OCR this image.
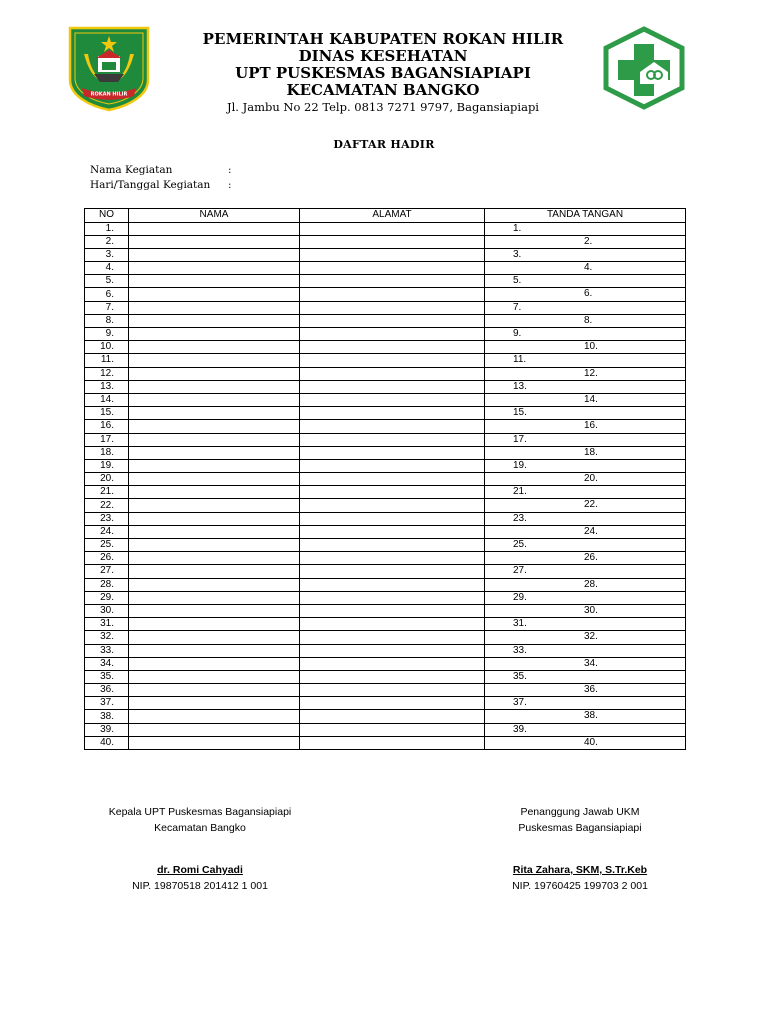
ROKAN HILIR
PEMERINTAH KABUPATEN ROKAN HILIR
DINAS KESEHATAN
UPT PUSKESMAS BAGANSIAPIAPI
KECAMATAN BANGKO
Jl. Jambu No 22 Telp. 0813 7271 9797, Bagansiapiapi
DAFTAR HADIR
Nama Kegiatan	:
Hari/Tanggal Kegiatan	:
NO	NAMA	ALAMAT	TANDA TANGAN
1.			1.

2.			2.

3.			3.

4.			4.

5.			5.

6.			6.

7.			7.

8.			8.

9.			9.

10.			10.

11.			11.

12.			12.

13.			13.

14.			14.

15.			15.

16.			16.

17.			17.

18.			18.

19.			19.

20.			20.

21.			21.

22.			22.

23.			23.

24.			24.

25.			25.

26.			26.

27.			27.

28.			28.

29.			29.

30.			30.

31.			31.

32.			32.

33.			33.

34.			34.

35.			35.

36.			36.

37.			37.

38.			38.

39.			39.

40.			40.
Kepala UPT Puskesmas Bagansiapiapi
Kecamatan Bangko
dr. Romi Cahyadi
NIP. 19870518 201412 1 001
Penanggung Jawab UKM
Puskesmas Bagansiapiapi
Rita Zahara, SKM, S.Tr.Keb
NIP. 19760425 199703 2 001
